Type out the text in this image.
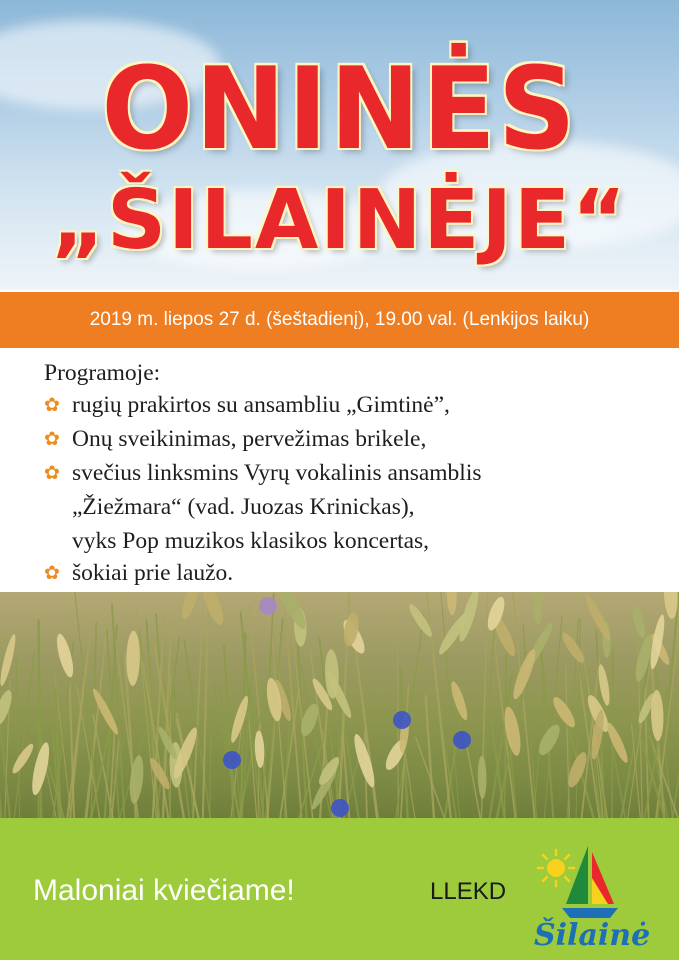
ONINĖS
„ŠILAINĖJE“
2019 m. liepos 27 d. (šeštadienį), 19.00 val. (Lenkijos laiku)
Programoje:
✿ rugių prakirtos su ansambliu „Gimtinė”,
✿ Onų sveikinimas, pervežimas brikele,
✿ svečius linksmins Vyrų vokalinis ansamblis
„Žiežmara“ (vad. Juozas Krinickas),
vyks Pop muzikos klasikos koncertas,
✿ šokiai prie laužo.
Maloniai kviečiame!	LLEKD
Šilainė
